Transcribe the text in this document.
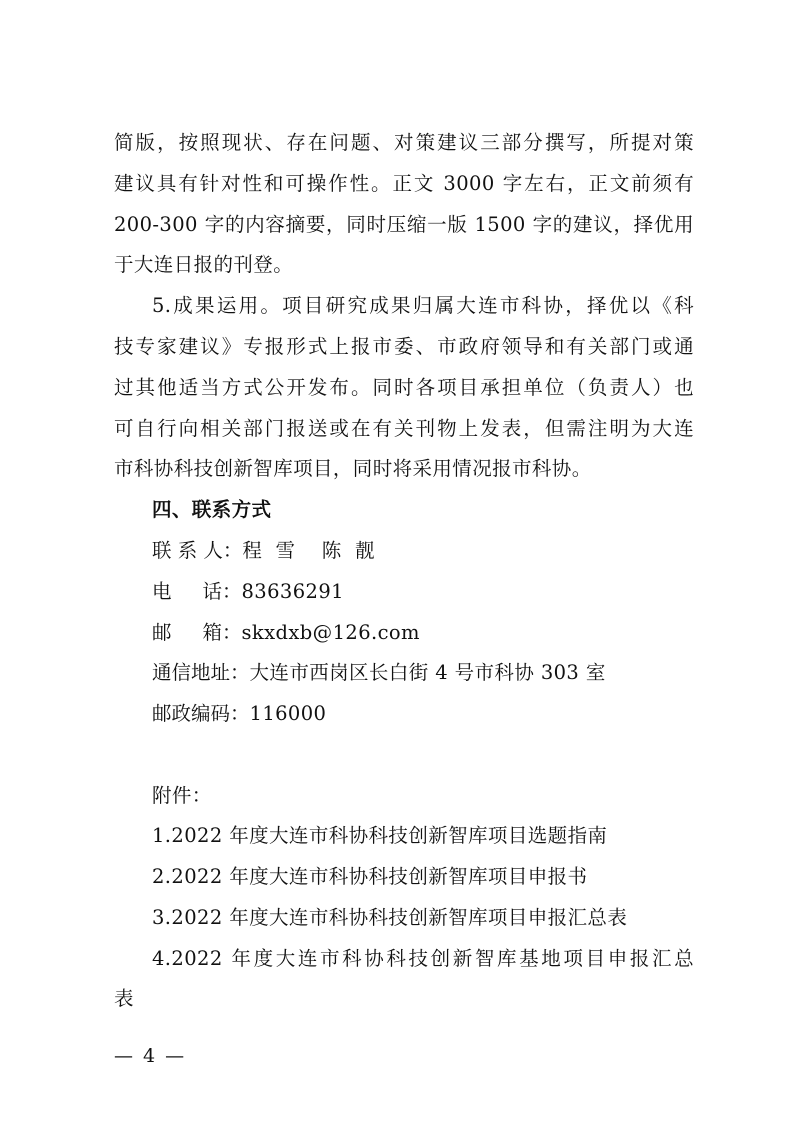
简版，按照现状、存在问题、对策建议三部分撰写，所提对策
建议具有针对性和可操作性。正文 3000 字左右，正文前须有
200-300 字的内容摘要，同时压缩一版 1500 字的建议，择优用
于大连日报的刊登。
5.成果运用。项目研究成果归属大连市科协，择优以《科
技专家建议》专报形式上报市委、市政府领导和有关部门或通
过其他适当方式公开发布。同时各项目承担单位（负责人）也
可自行向相关部门报送或在有关刊物上发表，但需注明为大连
市科协科技创新智库项目，同时将采用情况报市科协。
四、联系方式
联 系 人：程  雪    陈  靓
电     话：83636291
邮     箱：skxdxb@126.com
通信地址：大连市西岗区长白街 4 号市科协 303 室
邮政编码：116000
附件：
1.2022 年度大连市科协科技创新智库项目选题指南
2.2022 年度大连市科协科技创新智库项目申报书
3.2022 年度大连市科协科技创新智库项目申报汇总表
4.2022 年度大连市科协科技创新智库基地项目申报汇总
表
— 4 —
